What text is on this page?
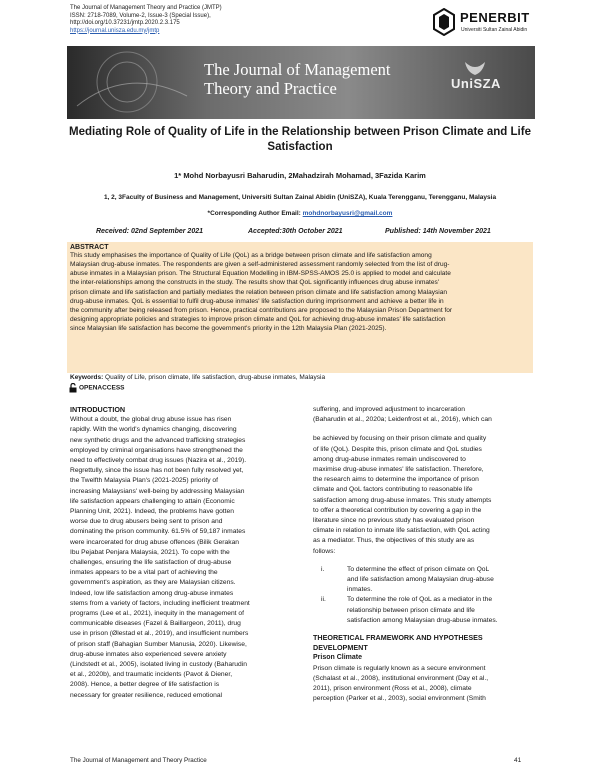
The Journal of Management Theory and Practice (JMTP)
ISSN: 2718-7089, Volume-2, Issue-3 (Special Issue),
http://doi.org/10.37231/jmtp.2020.2.3.175
https://journal.unisza.edu.my/jmtp
PENERBIT
Universiti Sultan Zainal Abidin
The Journal of Management
Theory and Practice	UniSZA
Mediating Role of Quality of Life in the Relationship between Prison Climate and Life
Satisfaction
1* Mohd Norbayusri Baharudin, 2Mahadzirah Mohamad, 3Fazida Karim
1, 2, 3Faculty of Business and Management, Universiti Sultan Zainal Abidin (UniSZA), Kuala Terengganu, Terengganu, Malaysia
*Corresponding Author Email: mohdnorbayusri@gmail.com
Received: 02nd September 2021	Accepted:30th October 2021	Published: 14th November 2021
ABSTRACT
This study emphasises the importance of Quality of Life (QoL) as a bridge between prison climate and life satisfaction among
Malaysian drug-abuse inmates. The respondents are given a self-administered assessment randomly selected from the list of drug-
abuse inmates in a Malaysian prison. The Structural Equation Modelling in IBM-SPSS-AMOS 25.0 is applied to model and calculate
the inter-relationships among the constructs in the study. The results show that QoL significantly influences drug abuse inmates'
prison climate and life satisfaction and partially mediates the relation between prison climate and life satisfaction among Malaysian
drug-abuse inmates. QoL is essential to fulfil drug-abuse inmates' life satisfaction during imprisonment and achieve a better life in
the community after being released from prison. Hence, practical contributions are proposed to the Malaysian Prison Department for
designing appropriate policies and strategies to improve prison climate and QoL for achieving drug-abuse inmates' life satisfaction
since Malaysian life satisfaction has become the government's priority in the 12th Malaysia Plan (2021-2025).
Keywords: Quality of Life, prison climate, life satisfaction, drug-abuse inmates, Malaysia
OPENACCESS
INTRODUCTION
Without a doubt, the global drug abuse issue has risen
rapidly. With the world's dynamics changing, discovering
new synthetic drugs and the advanced trafficking strategies
employed by criminal organisations have strengthened the
need to effectively combat drug issues (Nazira et al., 2019).
Regrettully, since the issue has not been fully resolved yet,
the Twelfth Malaysia Plan's (2021-2025) priority of
increasing Malaysians' well-being by addressing Malaysian
life satisfaction appears challenging to attain (Economic
Planning Unit, 2021). Indeed, the problems have gotten
worse due to drug abusers being sent to prison and
dominating the prison community. 61.5% of 59,187 inmates
were incarcerated for drug abuse offences (Bilik Gerakan
Ibu Pejabat Penjara Malaysia, 2021). To cope with the
challenges, ensuring the life satisfaction of drug-abuse
inmates appears to be a vital part of achieving the
government's aspiration, as they are Malaysian citizens.
Indeed, low life satisfaction among drug-abuse inmates
stems from a variety of factors, including inefficient treatment
programs (Lee et al., 2021), inequity in the management of
communicable diseases (Fazel & Baillargeon, 2011), drug
use in prison (Ølestad et al., 2019), and insufficient numbers
of prison staff (Bahagian Sumber Manusia, 2020). Likewise,
drug-abuse inmates also experienced severe anxiety
(Lindstedt et al., 2005), isolated living in custody (Baharudin
et al., 2020b), and traumatic incidents (Pavot & Diener,
2008). Hence, a better degree of life satisfaction is
necessary for greater resilience, reduced emotional
suffering, and improved adjustment to incarceration
(Baharudin et al., 2020a; Leidenfrost et al., 2016), which can
be achieved by focusing on their prison climate and quality
of life (QoL). Despite this, prison climate and QoL studies
among drug-abuse inmates remain undiscovered to
maximise drug-abuse inmates' life satisfaction. Therefore,
the research aims to determine the importance of prison
climate and QoL factors contributing to reasonable life
satisfaction among drug-abuse inmates. This study attempts
to offer a theoretical contribution by covering a gap in the
literature since no previous study has evaluated prison
climate in relation to inmate life satisfaction, with QoL acting
as a mediator. Thus, the objectives of this study are as
follows:
i.	To determine the effect of prison climate on QoL
and life satisfaction among Malaysian drug-abuse
inmates.
ii.	To determine the role of QoL as a mediator in the
relationship between prison climate and life
satisfaction among Malaysian drug-abuse inmates.
THEORETICAL FRAMEWORK AND HYPOTHESES
DEVELOPMENT
Prison Climate
Prison climate is regularly known as a secure environment
(Schalast et al., 2008), institutional environment (Day et al.,
2011), prison environment (Ross et al., 2008), climate
perception (Parker et al., 2003), social environment (Smith
The Journal of Management and Theory Practice	41
